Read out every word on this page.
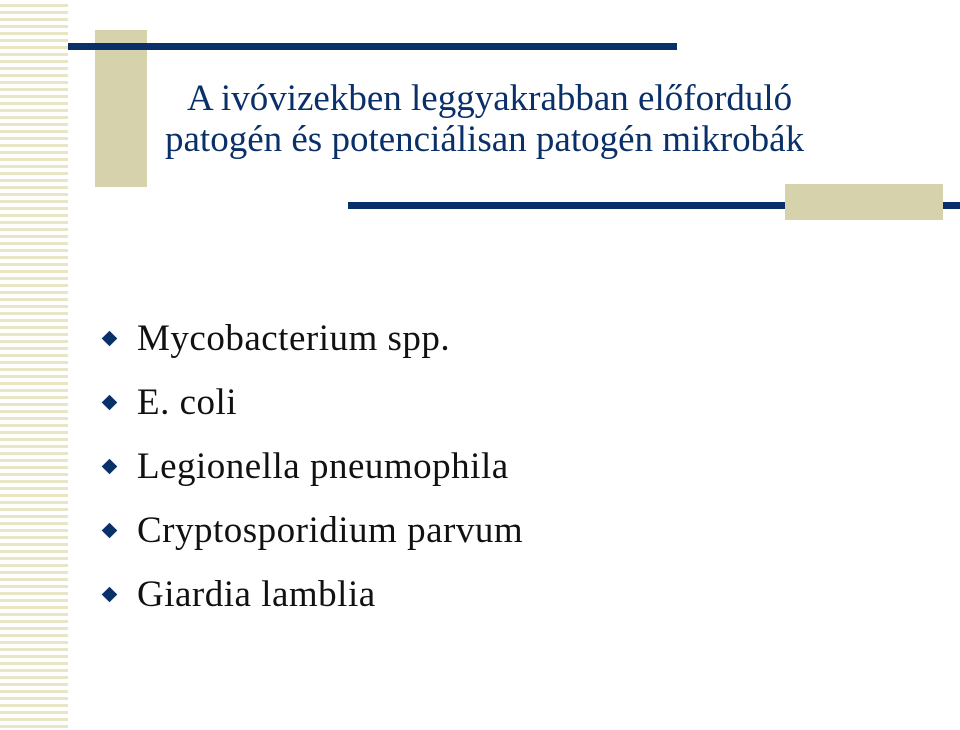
A ivóvizekben leggyakrabban előforduló
patogén és potenciálisan patogén mikrobák
Mycobacterium spp.
E. coli
Legionella pneumophila
Cryptosporidium parvum
Giardia lamblia
